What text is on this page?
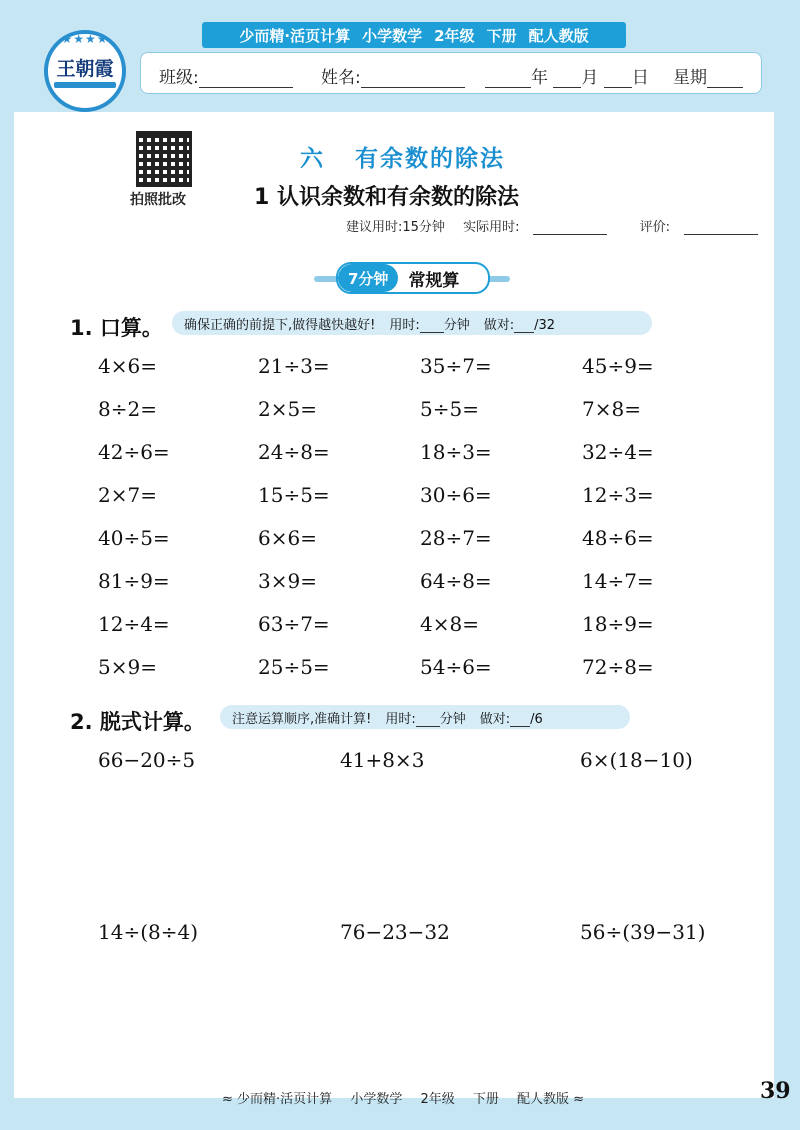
★★★★
王朝霞
少而精·活页计算 小学数学 2年级 下册 配人教版
班级:	姓名:	年 月 日 星期
拍照批改
六 有余数的除法
1 认识余数和有余数的除法
建议用时:15分钟 实际用时:	评价:
7分钟	常规算
1. 口算。 确保正确的前提下,做得越快越好! 用时: 分钟 做对: /32
4×6=	21÷3=	35÷7=	45÷9=
8÷2=	2×5=	5÷5=	7×8=
42÷6=	24÷8=	18÷3=	32÷4=
2×7=	15÷5=	30÷6=	12÷3=
40÷5=	6×6=	28÷7=	48÷6=
81÷9=	3×9=	64÷8=	14÷7=
12÷4=	63÷7=	4×8=	18÷9=
5×9=	25÷5=	54÷6=	72÷8=
2. 脱式计算。 注意运算顺序,准确计算! 用时: 分钟 做对: /6
66−20÷5	41+8×3	6×(18−10)
14÷(8÷4)	76−23−32	56÷(39−31)
≈ 少而精·活页计算 小学数学 2年级 下册 配人教版 ≈	39
